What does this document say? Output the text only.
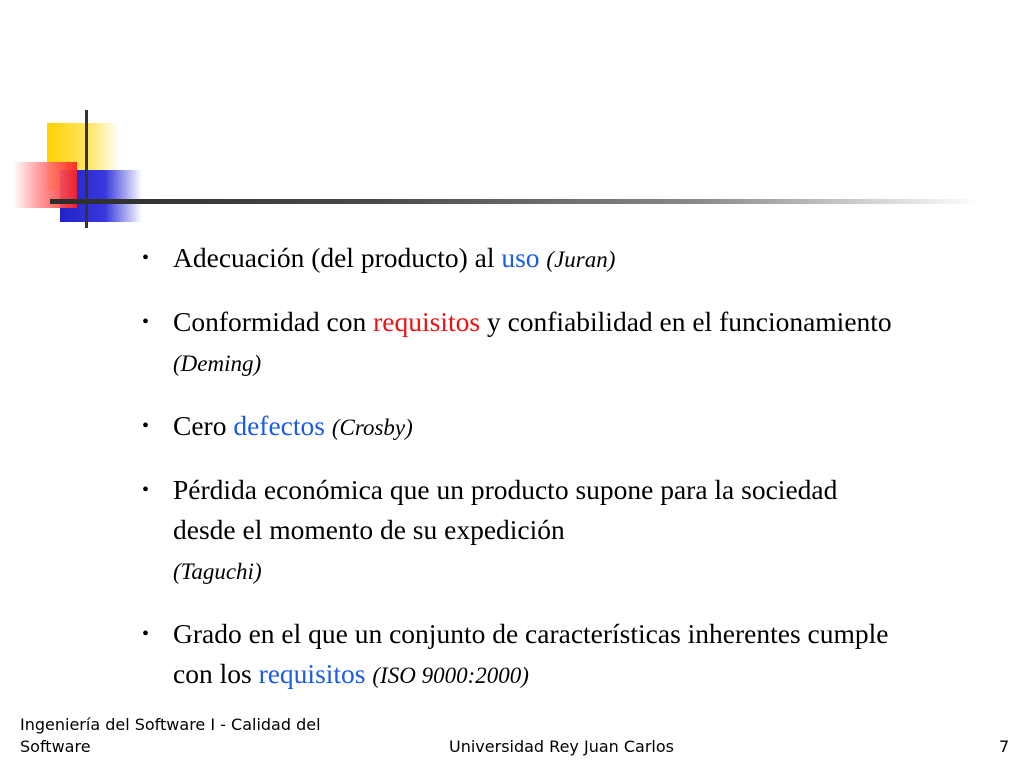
• Adecuación (del producto) al uso (Juran)
• Conformidad con requisitos y confiabilidad en el funcionamiento (Deming)
• Cero defectos (Crosby)
• Pérdida económica que un producto supone para la sociedad desde el momento de su expedición
(Taguchi)
• Grado en el que un conjunto de características inherentes cumple con los requisitos (ISO 9000:2000)
Ingeniería del Software I - Calidad del Software	Universidad Rey Juan Carlos	7
